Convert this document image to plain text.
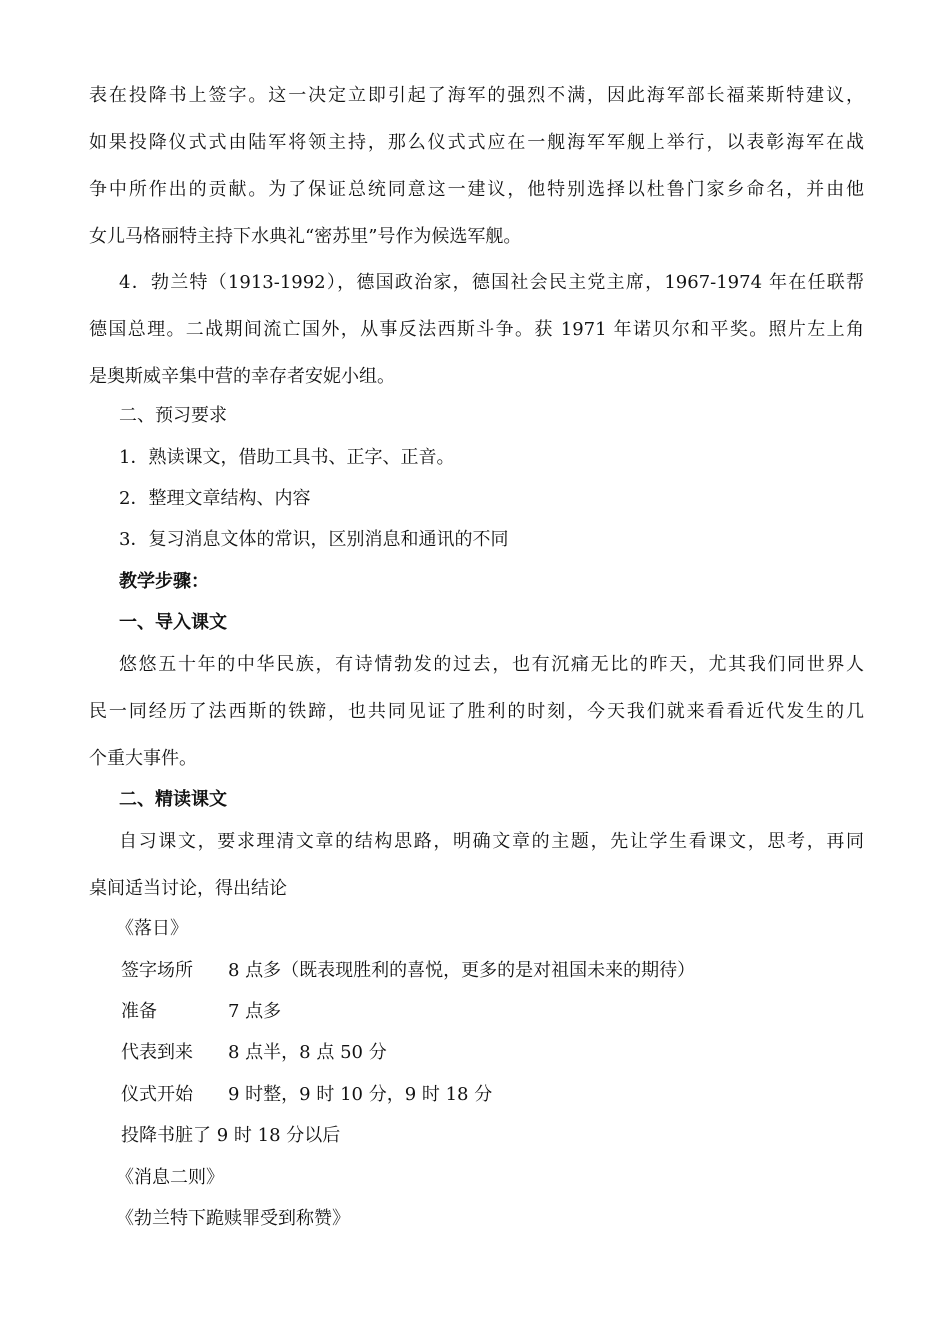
表在投降书上签字。这一决定立即引起了海军的强烈不满，因此海军部长福莱斯特建议，
如果投降仪式式由陆军将领主持，那么仪式式应在一舰海军军舰上举行，以表彰海军在战
争中所作出的贡献。为了保证总统同意这一建议，他特别选择以杜鲁门家乡命名，并由他
女儿马格丽特主持下水典礼“密苏里”号作为候选军舰。
4．勃兰特（1913-1992），德国政治家，德国社会民主党主席，1967-1974 年在任联帮
德国总理。二战期间流亡国外，从事反法西斯斗争。获 1971 年诺贝尔和平奖。照片左上角
是奥斯威辛集中营的幸存者安妮小组。
二、预习要求
1．熟读课文，借助工具书、正字、正音。
2．整理文章结构、内容
3．复习消息文体的常识，区别消息和通讯的不同
教学步骤：
一、导入课文
悠悠五十年的中华民族，有诗情勃发的过去，也有沉痛无比的昨天，尤其我们同世界人
民一同经历了法西斯的铁蹄，也共同见证了胜利的时刻，今天我们就来看看近代发生的几
个重大事件。
二、精读课文
自习课文，要求理清文章的结构思路，明确文章的主题，先让学生看课文，思考，再同
桌间适当讨论，得出结论
《落日》
签字场所 8 点多（既表现胜利的喜悦，更多的是对祖国未来的期待）
准备	7 点多
代表到来 8 点半，8 点 50 分
仪式开始 9 时整，9 时 10 分，9 时 18 分
投降书脏了 9 时 18 分以后
《消息二则》
《勃兰特下跪赎罪受到称赞》
